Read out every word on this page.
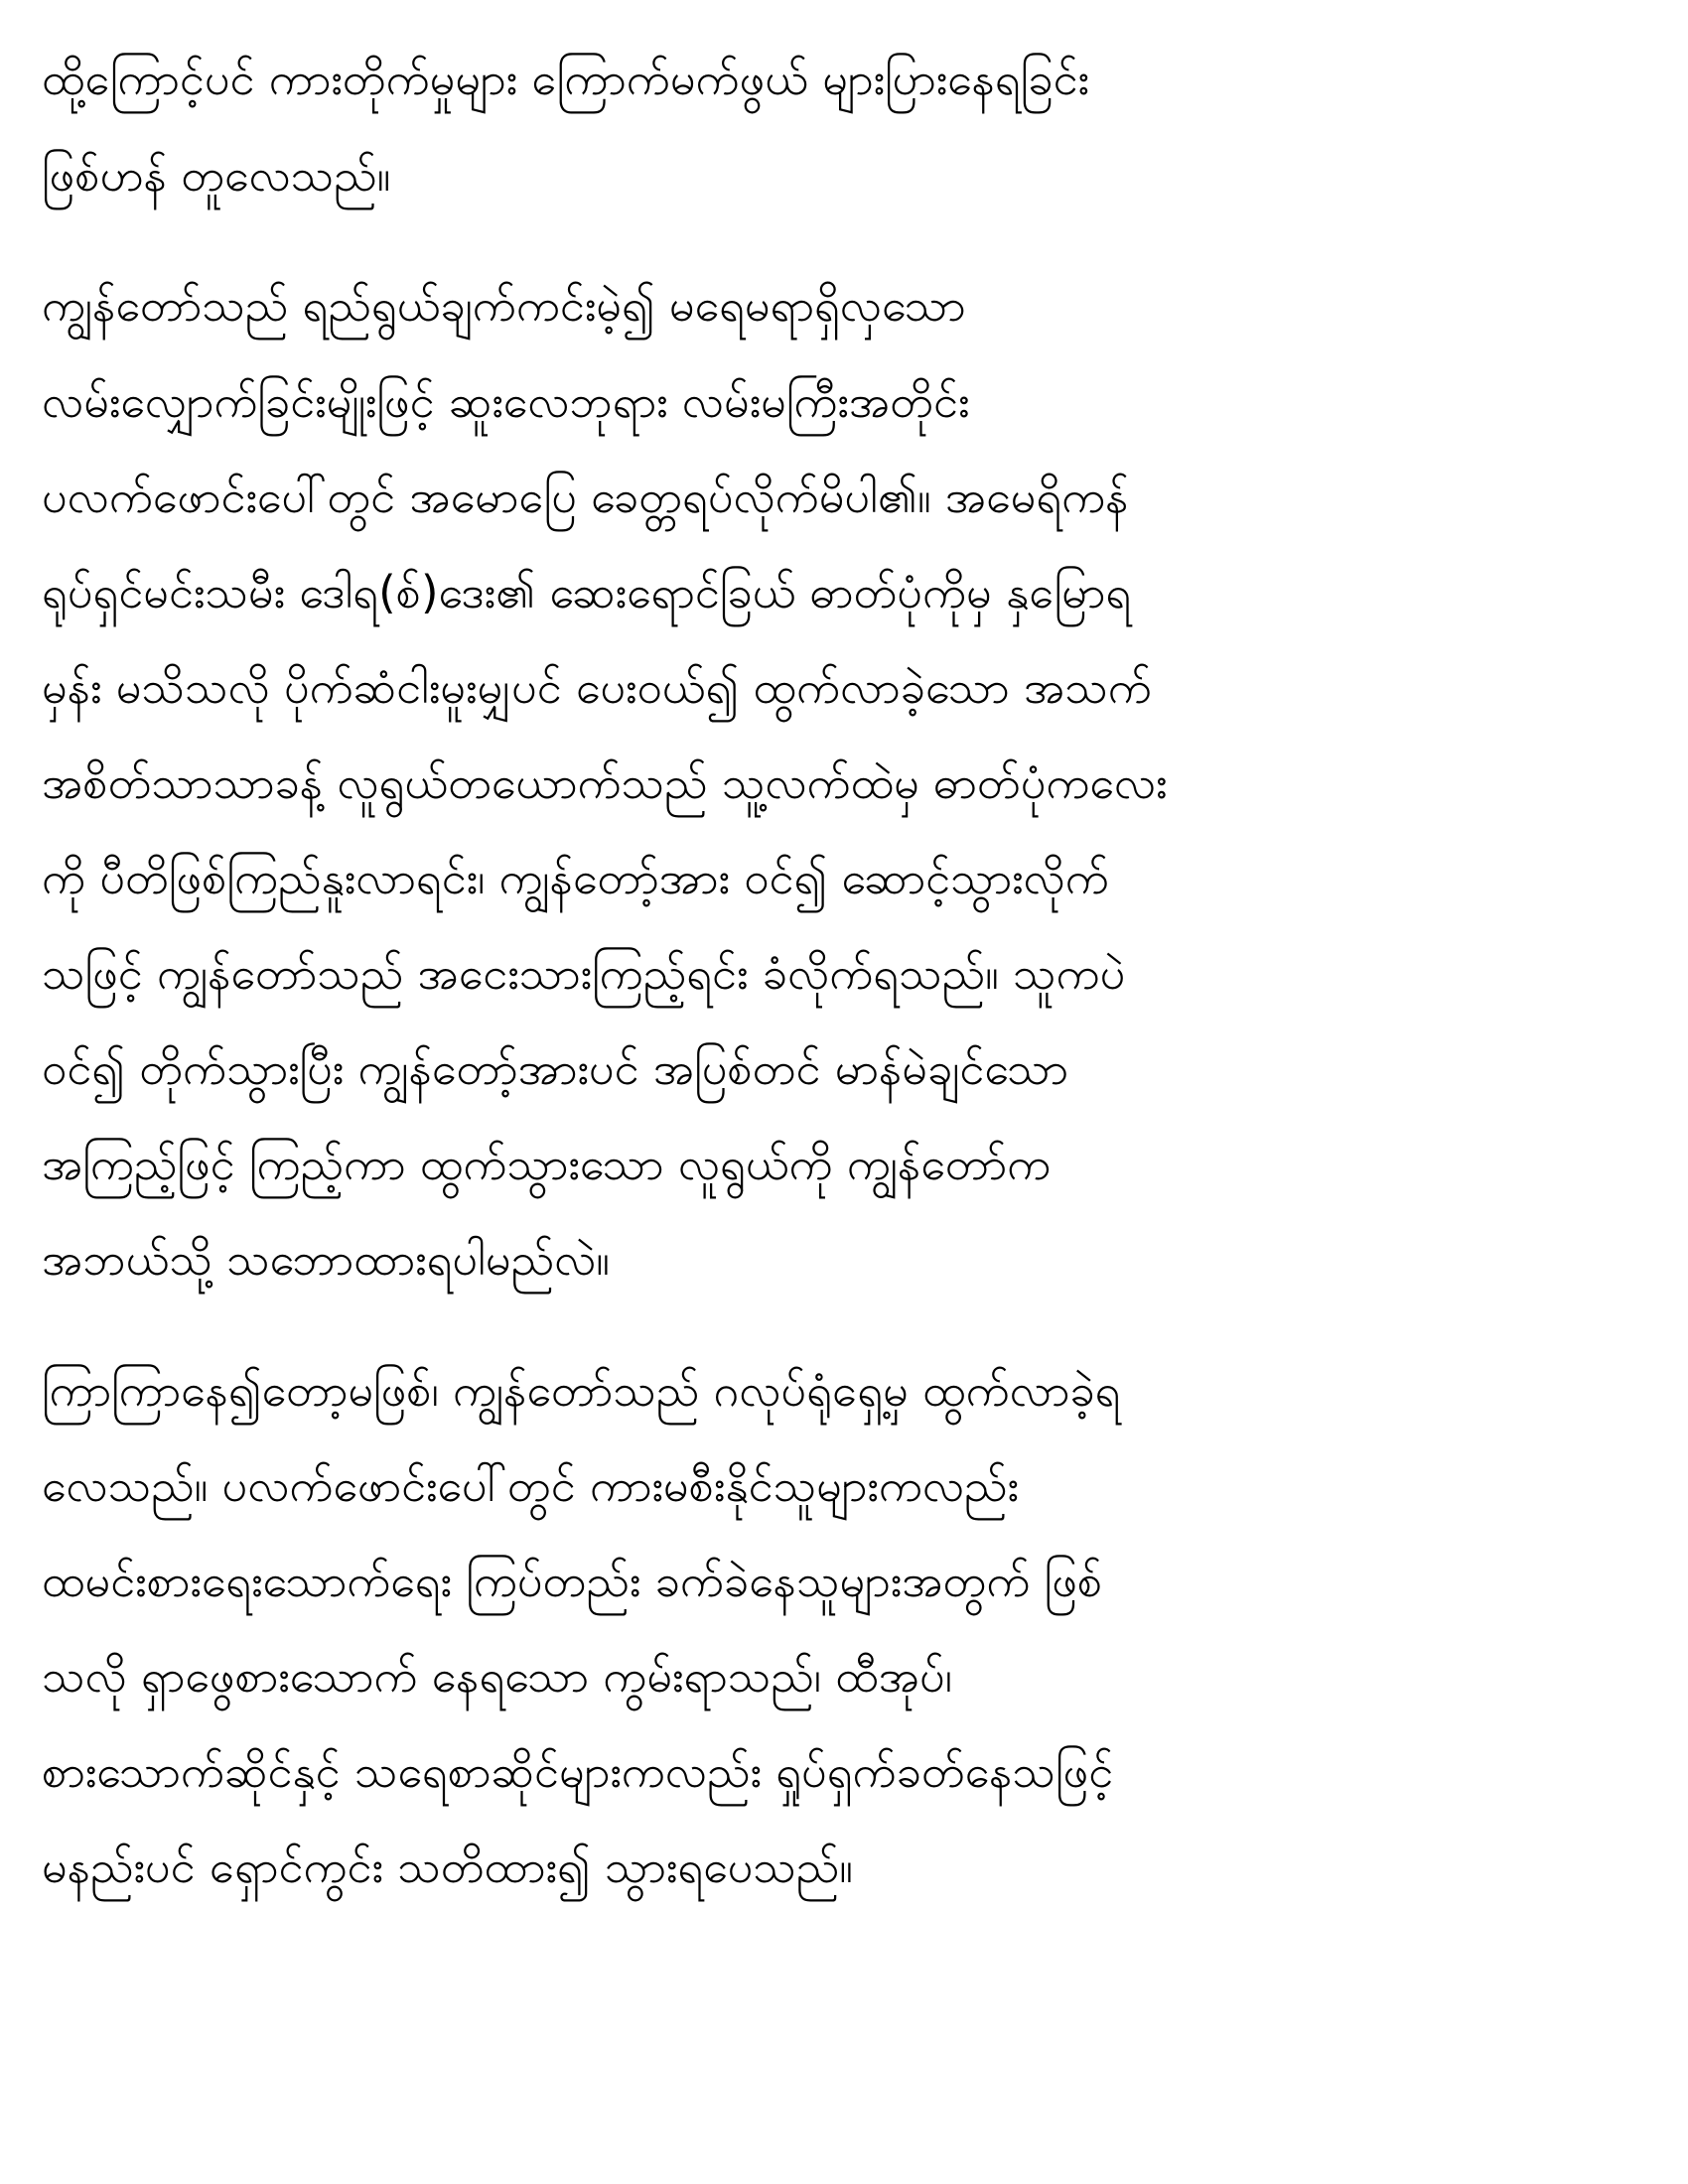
ထို့ကြောင့်ပင် ကားတိုက်မှုများ ကြောက်မက်ဖွယ် များပြားနေရခြင်း

ဖြစ်ဟန် တူလေသည်။

ကျွန်တော်သည် ရည်ရွယ်ချက်ကင်းမဲ့၍ မရေမရာရှိလှသော

လမ်းလျှောက်ခြင်းမျိုးဖြင့် ဆူးလေဘုရား လမ်းမကြီးအတိုင်း

ပလက်ဖောင်းပေါ်တွင် အမောပြေ ခေတ္တရပ်လိုက်မိပါ၏။ အမေရိကန်

ရုပ်ရှင်မင်းသမီး ဒေါရ(စ်)ဒေး၏ ဆေးရောင်ခြယ် ဓာတ်ပုံကိုမှ နှမြောရ

မှန်း မသိသလို ပိုက်ဆံငါးမူးမျှပင် ပေး၀ယ်၍ ထွက်လာခဲ့သော အသက်

အစိတ်သာသာခန့် လူရွယ်တယောက်သည် သူ့လက်ထဲမှ ဓာတ်ပုံကလေး

ကို ပီတိဖြစ်ကြည်နူးလာရင်း၊ ကျွန်တော့်အား ၀င်၍ ဆောင့်သွားလိုက်

သဖြင့် ကျွန်တော်သည် အငေးသားကြည့်ရင်း ခံလိုက်ရသည်။ သူကပဲ

၀င်၍ တိုက်သွားပြီး ကျွန်တော့်အားပင် အပြစ်တင် မာန်မဲချင်သော

အကြည့်ဖြင့် ကြည့်ကာ ထွက်သွားသော လူရွယ်ကို ကျွန်တော်က

အဘယ်သို့ သဘောထားရပါမည်လဲ။

ကြာကြာနေ၍တော့မဖြစ်၊ ကျွန်တော်သည် ဂလုပ်ရုံရှေ့မှ ထွက်လာခဲ့ရ

လေသည်။ ပလက်ဖောင်းပေါ်တွင် ကားမစီးနိုင်သူများကလည်း

ထမင်းစားရေးသောက်ရေး ကြပ်တည်း ခက်ခဲနေသူများအတွက် ဖြစ်

သလို ရှာဖွေစားသောက် နေရသော ကွမ်းရာသည်၊ ထီအုပ်၊

စားသောက်ဆိုင်နှင့် သရေစာဆိုင်များကလည်း ရှုပ်ရှက်ခတ်နေသဖြင့်

မနည်းပင် ရှောင်ကွင်း သတိထား၍ သွားရပေသည်။
